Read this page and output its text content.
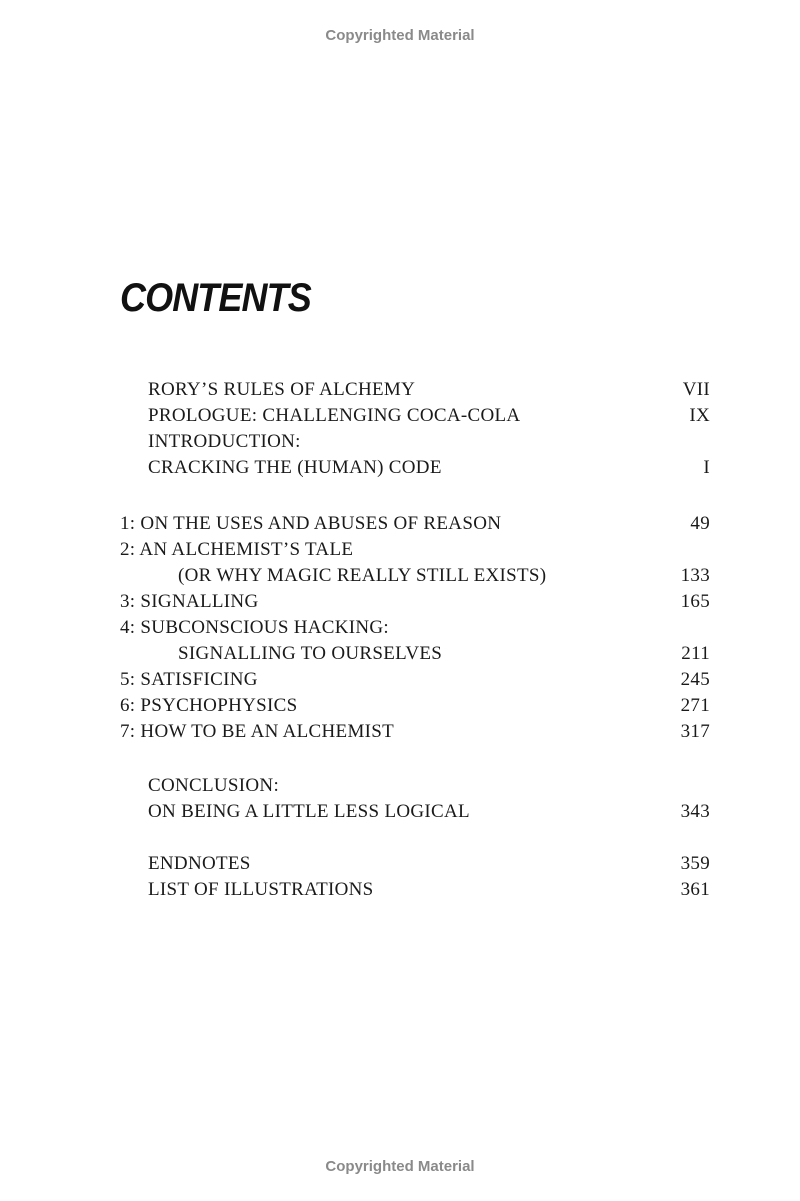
Copyrighted Material
CONTENTS
RORY’S RULES OF ALCHEMY	VII
PROLOGUE: CHALLENGING COCA-COLA	IX
INTRODUCTION:
CRACKING THE (HUMAN) CODE	I
1: ON THE USES AND ABUSES OF REASON	49
2: AN ALCHEMIST’S TALE
(OR WHY MAGIC REALLY STILL EXISTS)	133
3: SIGNALLING	165
4: SUBCONSCIOUS HACKING:
SIGNALLING TO OURSELVES	211
5: SATISFICING	245
6: PSYCHOPHYSICS	271
7: HOW TO BE AN ALCHEMIST	317
CONCLUSION:
ON BEING A LITTLE LESS LOGICAL	343
ENDNOTES	359
LIST OF ILLUSTRATIONS	361
Copyrighted Material
